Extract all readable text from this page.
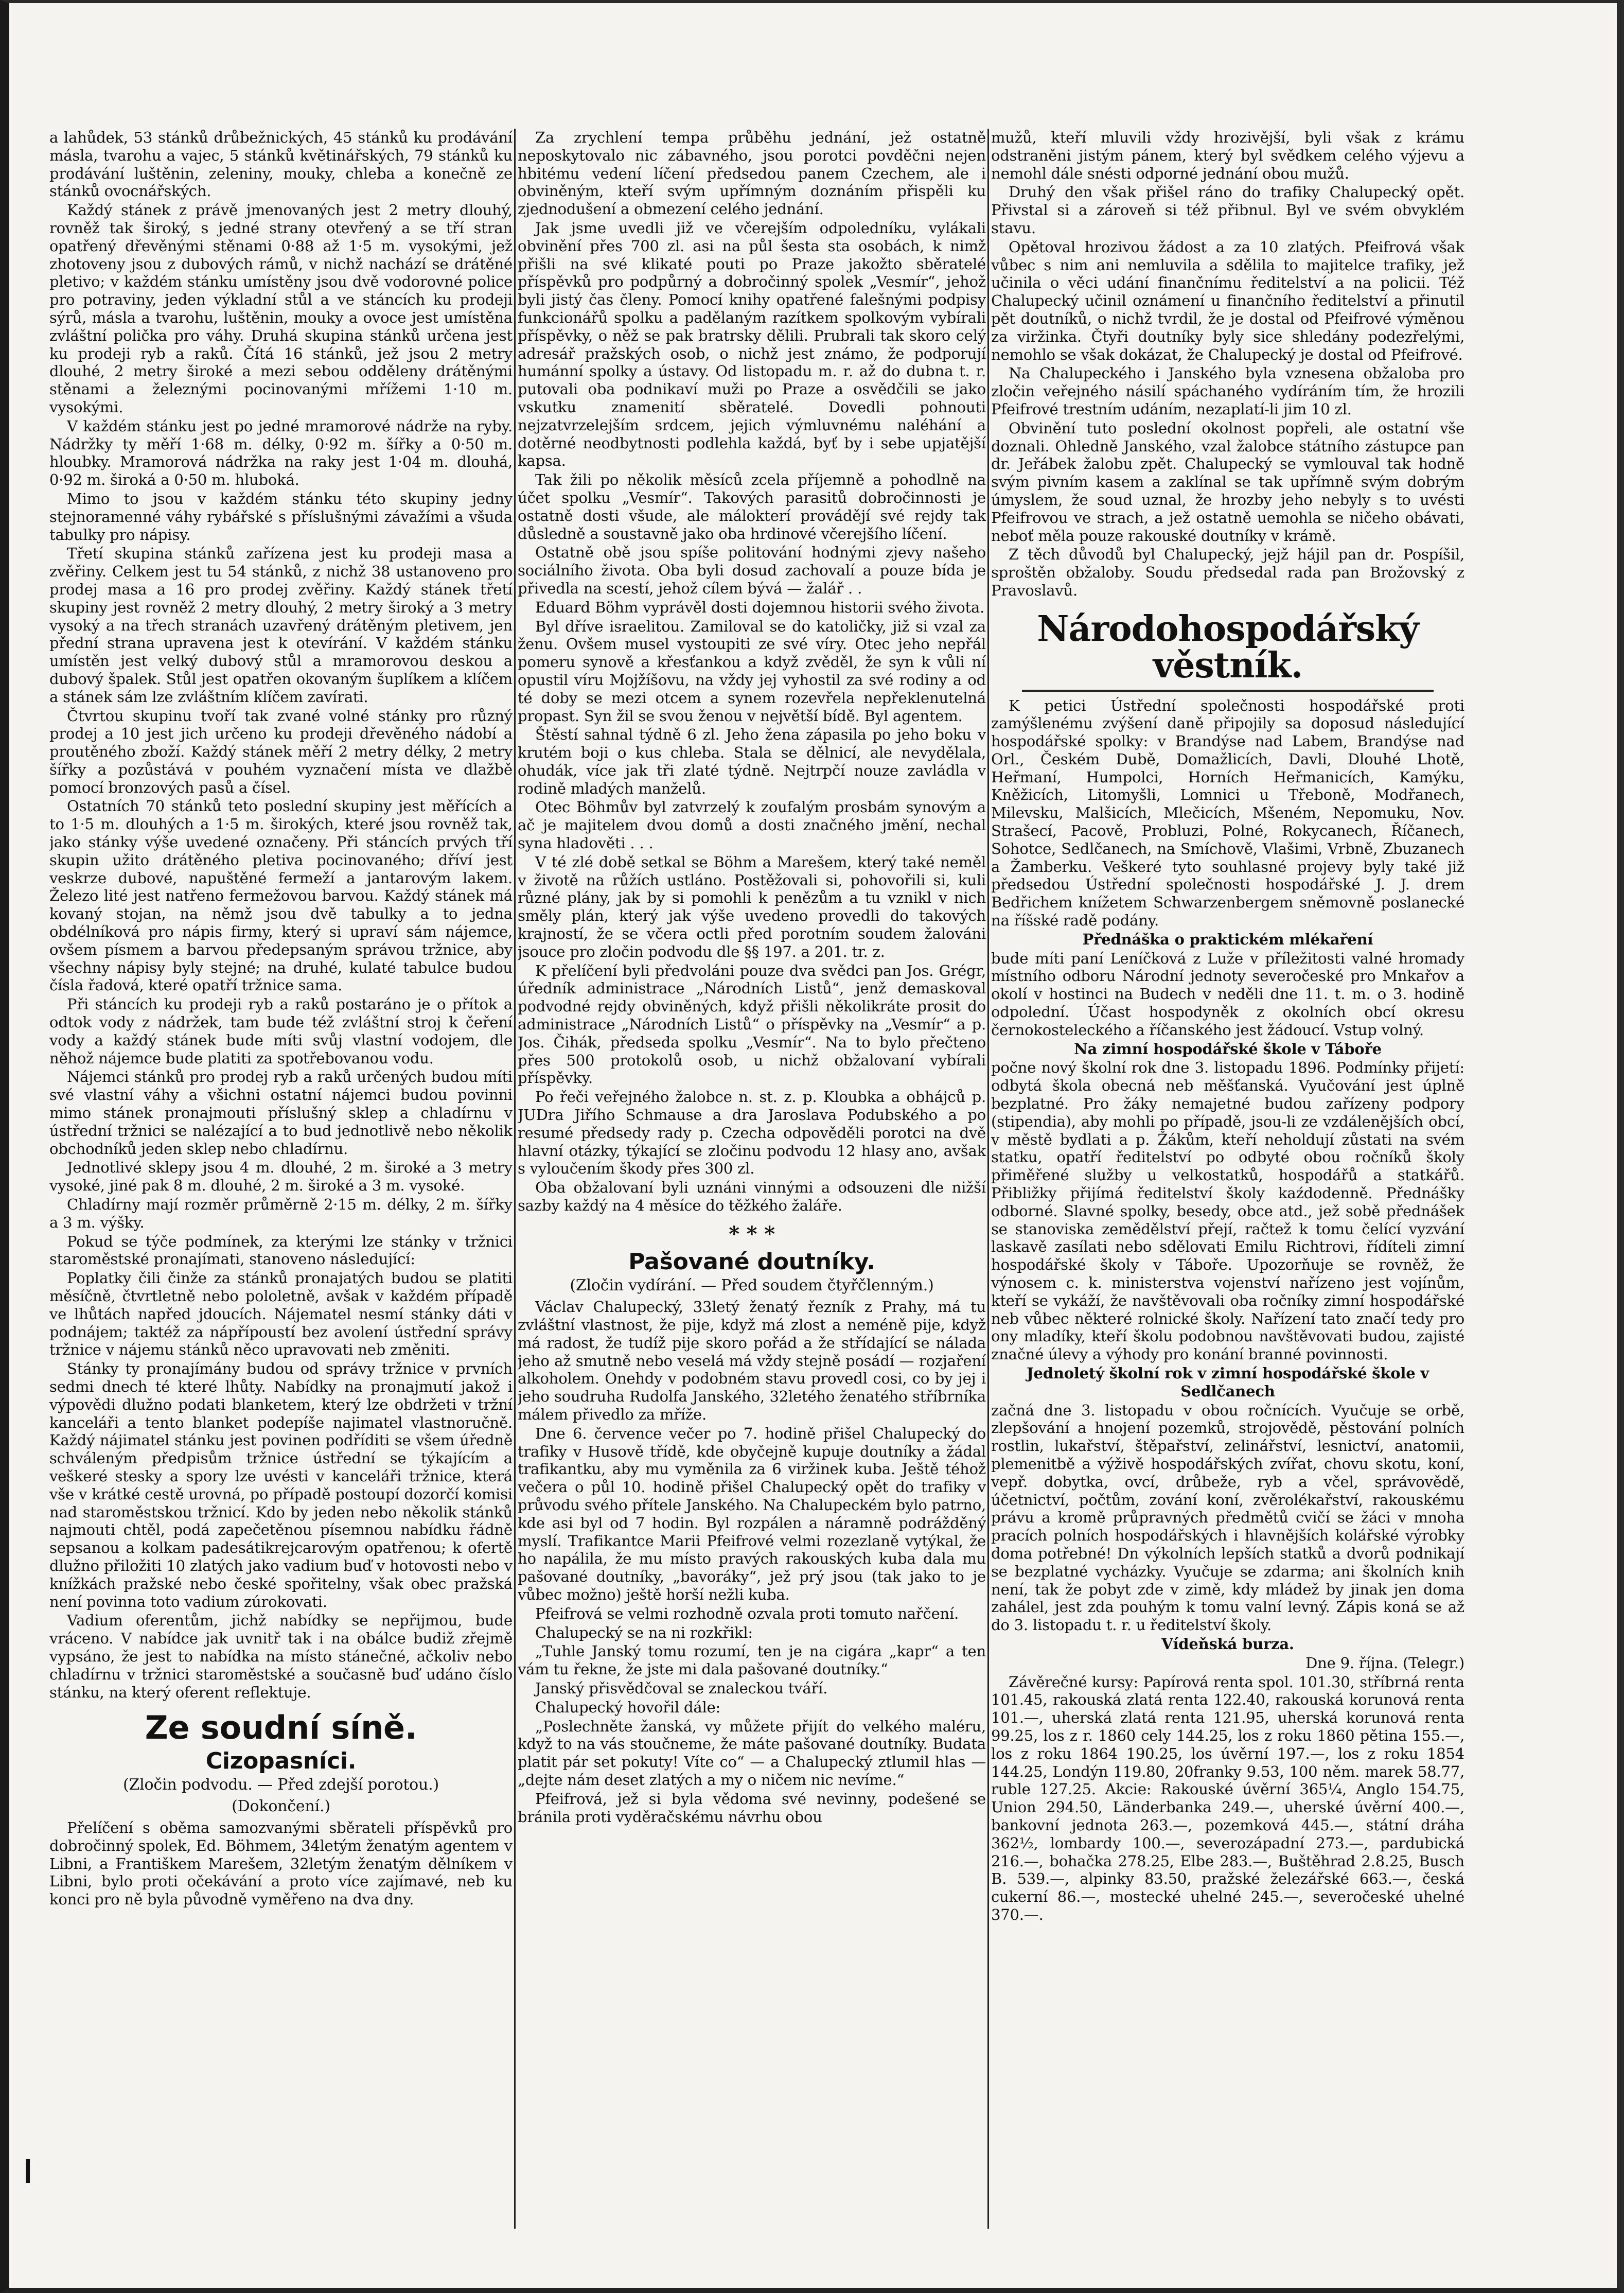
a lahůdek, 53 stánků drůbežnických, 45 stánků ku prodávání másla, tvarohu a vajec, 5 stánků květinářských, 79 stánků ku prodávání luštěnin, zeleniny, mouky, chleba a konečně ze stánků ovocnářských.

Každý stánek z právě jmenovaných jest 2 metry dlouhý, rovněž tak široký, s jedné strany otevřený a se tří stran opatřený dřevěnými stěnami 0·88 až 1·5 m. vysokými, jež zhotoveny jsou z dubových rámů, v nichž nachází se drátěné pletivo; v každém stánku umístěny jsou dvě vodorovné police pro potraviny, jeden výkladní stůl a ve stáncích ku prodeji sýrů, másla a tvarohu, luštěnin, mouky a ovoce jest umístěna zvláštní polička pro váhy. Druhá skupina stánků určena jest ku prodeji ryb a raků. Čítá 16 stánků, jež jsou 2 metry dlouhé, 2 metry široké a mezi sebou odděleny drátěnými stěnami a železnými pocinovanými mřížemi 1·10 m. vysokými.

V každém stánku jest po jedné mramorové nádrže na ryby. Nádržky ty měří 1·68 m. délky, 0·92 m. šířky a 0·50 m. hloubky. Mramorová nádržka na raky jest 1·04 m. dlouhá, 0·92 m. široká a 0·50 m. hluboká.

Mimo to jsou v každém stánku této skupiny jedny stejnoramenné váhy rybářské s příslušnými závažími a všuda tabulky pro nápisy.

Třetí skupina stánků zařízena jest ku prodeji masa a zvěřiny. Celkem jest tu 54 stánků, z nichž 38 ustanoveno pro prodej masa a 16 pro prodej zvěřiny. Každý stánek třetí skupiny jest rovněž 2 metry dlouhý, 2 metry široký a 3 metry vysoký a na třech stranách uzavřený drátěným pletivem, jen přední strana upravena jest k otevírání. V každém stánku umístěn jest velký dubový stůl a mramorovou deskou a dubový špalek. Stůl jest opatřen okovaným šuplíkem a klíčem a stánek sám lze zvláštním klíčem zavírati.

Čtvrtou skupinu tvoří tak zvané volné stánky pro různý prodej a 10 jest jich určeno ku prodeji dřevěného nádobí a proutěného zboží. Každý stánek měří 2 metry délky, 2 metry šířky a pozůstává v pouhém vyznačení místa ve dlažbě pomocí bronzových pasů a čísel.

Ostatních 70 stánků teto poslední skupiny jest měřících a to 1·5 m. dlouhých a 1·5 m. širokých, které jsou rovněž tak, jako stánky výše uvedené označeny. Při stáncích prvých tří skupin užito drátěného pletiva pocinovaného; dříví jest veskrze dubové, napuštěné fermeží a jantarovým lakem. Železo lité jest natřeno fermežovou barvou. Každý stánek má kovaný stojan, na němž jsou dvě tabulky a to jedna obdélníková pro nápis firmy, který si upraví sám nájemce, ovšem písmem a barvou předepsaným správou tržnice, aby všechny nápisy byly stejné; na druhé, kulaté tabulce budou čísla řadová, které opatří tržnice sama.

Při stáncích ku prodeji ryb a raků postaráno je o přítok a odtok vody z nádržek, tam bude též zvláštní stroj k čeření vody a každý stánek bude míti svůj vlastní vodojem, dle něhož nájemce bude platiti za spotřebovanou vodu.

Nájemci stánků pro prodej ryb a raků určených budou míti své vlastní váhy a všichni ostatní nájemci budou povinni mimo stánek pronajmouti příslušný sklep a chladírnu v ústřední tržnici se nalézající a to bud jednotlivě nebo několik obchodníků jeden sklep nebo chladírnu.

Jednotlivé sklepy jsou 4 m. dlouhé, 2 m. široké a 3 metry vysoké, jiné pak 8 m. dlouhé, 2 m. široké a 3 m. vysoké.

Chladírny mají rozměr průměrně 2·15 m. délky, 2 m. šířky a 3 m. výšky.

Pokud se týče podmínek, za kterými lze stánky v tržnici staroměstské pronajímati, stanoveno následující:

Poplatky čili činže za stánků pronajatých budou se platiti měsíčně, čtvrtletně nebo pololetně, avšak v každém případě ve lhůtách napřed jdoucích. Nájematel nesmí stánky dáti v podnájem; taktéž za nápřípoustí bez avolení ústřední správy tržnice v nájemu stánků něco upravovati neb změniti.

Stánky ty pronajímány budou od správy tržnice v prvních sedmi dnech té které lhůty. Nabídky na pronajmutí jakož i výpovědi dlužno podati blanketem, který lze obdržeti v tržní kanceláři a tento blanket podepíše najimatel vlastnoručně. Každý nájimatel stánku jest povinen podříditi se všem úředně schváleným předpisům tržnice ústřední se týkajícím a veškeré stesky a spory lze uvésti v kanceláři tržnice, která vše v krátké cestě urovná, po případě postoupí dozorčí komisi nad staroměstskou tržnicí. Kdo by jeden nebo několik stánků najmouti chtěl, podá zapečetěnou písemnou nabídku řádně sepsanou a kolkam padesátikrejcarovým opatřenou; k ofertě dlužno přiložiti 10 zlatých jako vadium buď v hotovosti nebo v knížkách pražské nebo české spořitelny, však obec pražská není povinna toto vadium zúrokovati.

Vadium oferentům, jichž nabídky se nepřijmou, bude vráceno. V nabídce jak uvnitř tak i na obálce budiž zřejmě vypsáno, že jest to nabídka na místo stánečné, ačkoliv nebo chladírnu v tržnici staroměstské a současně buď udáno číslo stánku, na který oferent reflektuje.

Ze soudní síně.
Cizopasníci.
(Zločin podvodu. — Před zdejší porotou.)
(Dokončení.)

Přelíčení s oběma samozvanými sběrateli příspěvků pro dobročinný spolek, Ed. Böhmem, 34letým ženatým agentem v Libni, a Františkem Marešem, 32letým ženatým dělníkem v Libni, bylo proti očekávání a proto více zajímavé, neb ku konci pro ně byla původně vyměřeno na dva dny.

Za zrychlení tempa průběhu jednání, jež ostatně neposkytovalo nic zábavného, jsou porotci povděčni nejen hbitému vedení líčení předsedou panem Czechem, ale i obviněným, kteří svým upřímným doznáním přispěli ku zjednodušení a obmezení celého jednání.

Jak jsme uvedli již ve včerejším odpoledníku, vylákali obvinění přes 700 zl. asi na půl šesta sta osobách, k nimž přišli na své klikaté pouti po Praze jakožto sběratelé příspěvků pro podpůrný a dobročinný spolek „Vesmír“, jehož byli jistý čas členy. Pomocí knihy opatřené falešnými podpisy funkcionářů spolku a padělaným razítkem spolkovým vybírali příspěvky, o něž se pak bratrsky dělili. Prubrali tak skoro celý adresář pražských osob, o nichž jest známo, že podporují humánní spolky a ústavy. Od listopadu m. r. až do dubna t. r. putovali oba podnikaví muži po Praze a osvědčili se jako vskutku znamenití sběratelé. Dovedli pohnouti nejzatvrzelejším srdcem, jejich výmluvnému naléhání a dotěrné neodbytnosti podlehla každá, byť by i sebe upjatější kapsa.

Tak žili po několik měsíců zcela příjemně a pohodlně na účet spolku „Vesmír“. Takových parasitů dobročinnosti je ostatně dosti všude, ale málokterí provádějí své rejdy tak důsledně a soustavně jako oba hrdinové včerejšího líčení.

Ostatně obě jsou spíše politování hodnými zjevy našeho sociálního života. Oba byli dosud zachovalí a pouze bída je přivedla na scestí, jehož cílem bývá — žalář . .

Eduard Böhm vyprávěl dosti dojemnou historii svého života.

Byl dříve israelitou. Zamiloval se do katoličky, již si vzal za ženu. Ovšem musel vystoupiti ze své víry. Otec jeho nepřál pomeru synově a křesťankou a když zvěděl, že syn k vůli ní opustil víru Mojžíšovu, na vždy jej vyhostil za své rodiny a od té doby se mezi otcem a synem rozevřela nepřeklenutelná propast. Syn žil se svou ženou v největší bídě. Byl agentem.

Štěstí sahnal týdně 6 zl. Jeho žena zápasila po jeho boku v krutém boji o kus chleba. Stala se dělnicí, ale nevydělala, ohudák, více jak tři zlaté týdně. Nejtrpčí nouze zavládla v rodině mladých manželů.

Otec Böhmův byl zatvrzelý k zoufalým prosbám synovým a ač je majitelem dvou domů a dosti značného jmění, nechal syna hladověti . . .

V té zlé době setkal se Böhm a Marešem, který také neměl v životě na růžích ustláno. Postěžovali si, pohovořili si, kuli různé plány, jak by si pomohli k penězům a tu vznikl v nich směly plán, který jak výše uvedeno provedli do takových krajností, že se včera octli před porotním soudem žalováni jsouce pro zločin podvodu dle §§ 197. a 201. tr. z.

K přelíčení byli předvoláni pouze dva svědci pan Jos. Grégr, úředník administrace „Národních Listů“, jenž demaskoval podvodné rejdy obviněných, když přišli několikráte prosit do administrace „Národních Listů“ o příspěvky na „Vesmír“ a p. Jos. Čihák, předseda spolku „Vesmír“. Na to bylo přečteno přes 500 protokolů osob, u nichž obžalovaní vybírali příspěvky.

Po řeči veřejného žalobce n. st. z. p. Kloubka a obhájců p. JUDra Jiřího Schmause a dra Jaroslava Podubského a po resumé předsedy rady p. Czecha odpověděli porotci na dvě hlavní otázky, týkající se zločinu podvodu 12 hlasy ano, avšak s vyloučením škody přes 300 zl.

Oba obžalovaní byli uznáni vinnými a odsouzeni dle nižší sazby každý na 4 měsíce do těžkého žaláře.

* * *
Pašované doutníky.
(Zločin vydírání. — Před soudem čtyřčlenným.)

Václav Chalupecký, 33letý ženatý řezník z Prahy, má tu zvláštní vlastnost, že pije, když má zlost a neméně pije, když má radost, že tudíž pije skoro pořád a že střídající se nálada jeho až smutně nebo veselá má vždy stejně posádí — rozjaření alkoholem. Onehdy v podobném stavu provedl cosi, co by jej i jeho soudruha Rudolfa Janského, 32letého ženatého stříbrníka málem přivedlo za mříže.

Dne 6. července večer po 7. hodině přišel Chalupecký do trafiky v Husově třídě, kde obyčejně kupuje doutníky a žádal trafikantku, aby mu vyměnila za 6 viržinek kuba. Ještě téhož večera o půl 10. hodině přišel Chalupecký opět do trafiky v průvodu svého přítele Janského. Na Chalupeckém bylo patrno, kde asi byl od 7 hodin. Byl rozpálen a náramně podrážděný myslí. Trafikantce Marii Pfeifrové velmi rozezlaně vytýkal, že ho napálila, že mu místo pravých rakouských kuba dala mu pašované doutníky, „bavoráky“, jež prý jsou (tak jako to je vůbec možno) ještě horší nežli kuba.

Pfeifrová se velmi rozhodně ozvala proti tomuto nařčení.

Chalupecký se na ni rozkřikl:

„Tuhle Janský tomu rozumí, ten je na cigára „kapr“ a ten vám tu řekne, že jste mi dala pašované doutníky.“

Janský přisvědčoval se znaleckou tváří.

Chalupecký hovořil dále:

„Poslechněte žanská, vy můžete přijít do velkého maléru, když to na vás stoučneme, že máte pašované doutníky. Budata platit pár set pokuty! Víte co“ — a Chalupecký ztlumil hlas — „dejte nám deset zlatých a my o ničem nic nevíme.“

Pfeifrová, jež si byla vědoma své nevinny, podešené se bránila proti vyděračskému návrhu obou

mužů, kteří mluvili vždy hrozivější, byli však z krámu odstraněni jistým pánem, který byl svědkem celého výjevu a nemohl dále snésti odporné jednání obou mužů.

Druhý den však přišel ráno do trafiky Chalupecký opět. Přivstal si a zároveň si též přibnul. Byl ve svém obvyklém stavu.

Opětoval hrozivou žádost a za 10 zlatých. Pfeifrová však vůbec s nim ani nemluvila a sdělila to majitelce trafiky, jež učinila o věci udání finančnímu ředitelství a na policii. Též Chalupecký učinil oznámení u finančního ředitelství a přinutil pět doutníků, o nichž tvrdil, že je dostal od Pfeifrové výměnou za viržinka. Čtyři doutníky byly sice shledány podezřelými, nemohlo se však dokázat, že Chalupecký je dostal od Pfeifrové.

Na Chalupeckého i Janského byla vznesena obžaloba pro zločin veřejného násilí spáchaného vydíráním tím, že hrozili Pfeifrové trestním udáním, nezaplatí-li jim 10 zl.

Obvinění tuto poslední okolnost popřeli, ale ostatní vše doznali. Ohledně Janského, vzal žalobce státního zástupce pan dr. Jeřábek žalobu zpět. Chalupecký se vymlouval tak hodně svým pivním kasem a zaklínal se tak upřímně svým dobrým úmyslem, že soud uznal, že hrozby jeho nebyly s to uvésti Pfeifrovou ve strach, a jež ostatně uemohla se ničeho obávati, neboť měla pouze rakouské doutníky v krámě.

Z těch důvodů byl Chalupecký, jejž hájil pan dr. Pospíšil, sproštěn obžaloby. Soudu předsedal rada pan Brožovský z Pravoslavů.

Národohospodářský věstník.

K petici Ústřední společnosti hospodářské proti zamýšlenému zvýšení daně připojily sa doposud následující hospodářské spolky: v Brandýse nad Labem, Brandýse nad Orl., Českém Dubě, Domažlicích, Davli, Dlouhé Lhotě, Heřmaní, Humpolci, Horních Heřmanicích, Kamýku, Kněžicích, Litomyšli, Lomnici u Třeboně, Modřanech, Milevsku, Malšicích, Mlečicích, Mšeném, Nepomuku, Nov. Strašecí, Pacově, Probluzi, Polné, Rokycanech, Říčanech, Sohotce, Sedlčanech, na Smíchově, Vlašimi, Vrbně, Zbuzanech a Žamberku. Veškeré tyto souhlasné projevy byly také již předsedou Ústřední společnosti hospodářské J. J. drem Bedřichem knížetem Schwarzenbergem sněmovně poslanecké na říšské radě podány.

Přednáška o praktickém mlékaření

bude míti paní Leníčková z Luže v příležitosti valné hromady místního odboru Národní jednoty severočeské pro Mnkařov a okolí v hostinci na Budech v neděli dne 11. t. m. o 3. hodině odpolední. Účast hospodyněk z okolních obcí okresu černokosteleckého a říčanského jest žádoucí. Vstup volný.

Na zimní hospodářské škole v Táboře

počne nový školní rok dne 3. listopadu 1896. Podmínky přijetí: odbytá škola obecná neb měšťanská. Vyučování jest úplně bezplatné. Pro žáky nemajetné budou zařízeny podpory (stipendia), aby mohli po případě, jsou-li ze vzdálenějších obcí, v městě bydlati a p. Žákům, kteří neholdují zůstati na svém statku, opatří ředitelství po odbyté obou ročníků školy přiměřené služby u velkostatků, hospodářů a statkářů. Přibližky přijímá ředitelství školy kaźdodenně. Přednášky odborné. Slavné spolky, besedy, obce atd., jež sobě přednášek se stanoviska zemědělství přejí, račtež k tomu čelící vyzvání laskavě zasílati nebo sdělovati Emilu Richtrovi, řídíteli zimní hospodářské školy v Táboře. Upozorňuje se rovněž, že výnosem c. k. ministerstva vojenství nařízeno jest vojínům, kteří se vykáží, že navštěvovali oba ročníky zimní hospodářské neb vůbec některé rolnické školy. Nařízení tato značí tedy pro ony mladíky, kteří školu podobnou navštěvovati budou, zajisté značné úlevy a výhody pro konání branné povinnosti.

Jednoletý školní rok v zimní hospodářské škole v Sedlčanech

začná dne 3. listopadu v obou ročnících. Vyučuje se orbě, zlepšování a hnojení pozemků, strojovědě, pěstování polních rostlin, lukařství, štěpařství, zelinářství, lesnictví, anatomii, plemenitbě a výživě hospodářských zvířat, chovu skotu, koní, vepř. dobytka, ovcí, drůbeže, ryb a včel, správovědě, účetnictví, počtům, zování koní, zvěrolékařství, rakouskému právu a kromě průpravných předmětů cvičí se žáci v mnoha pracích polních hospodářských i hlavnějších kolářské výrobky doma potřebné! Dn výkolních lepších statků a dvorů podnikají se bezplatné vycházky. Vyučuje se zdarma; ani školních knih není, tak že pobyt zde v zimě, kdy mládež by jinak jen doma zahálel, jest zda pouhým k tomu valní levný. Zápis koná se až do 3. listopadu t. r. u ředitelství školy.

Vídeňská burza.

Dne 9. října. (Telegr.)

Závěrečné kursy: Papírová renta spol. 101.30, stříbrná renta 101.45, rakouská zlatá renta 122.40, rakouská korunová renta 101.—, uherská zlatá renta 121.95, uherská korunová renta 99.25, los z r. 1860 cely 144.25, los z roku 1860 pětina 155.—, los z roku 1864 190.25, los úvěrní 197.—, los z roku 1854 144.25, Londýn 119.80, 20franky 9.53, 100 něm. marek 58.77, ruble 127.25. Akcie: Rakouské úvěrní 365¼, Anglo 154.75, Union 294.50, Länderbanka 249.—, uherské úvěrní 400.—, bankovní jednota 263.—, pozemková 445.—, státní dráha 362½, lombardy 100.—, severozápadní 273.—, pardubická 216.—, bohačka 278.25, Elbe 283.—, Buštěhrad 2.8.25, Busch B. 539.—, alpinky 83.50, pražské železářské 663.—, česká cukerní 86.—, mostecké uhelné 245.—, severočeské uhelné 370.—.
